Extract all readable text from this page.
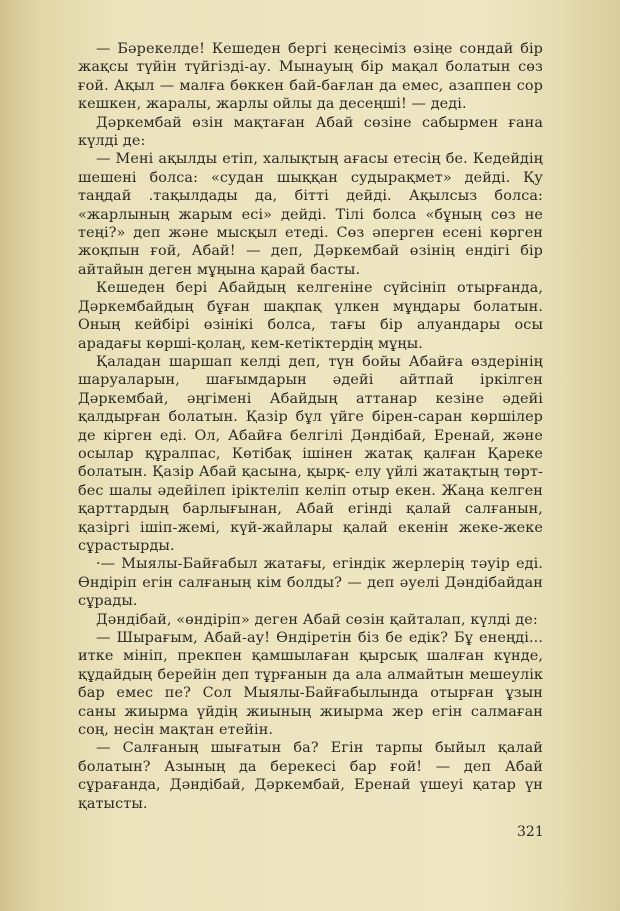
— Бәрекелде! Кешеден бергі кеңесіміз өзіңе сондай бір жақсы түйін түйгізді-ау. Мынауың бір мақал болатын сөз ғой. Ақыл — малға бөккен бай-бағлан да емес, азаппен сор кешкен, жаралы, жарлы ойлы да десеңші! — деді.

Дәркембай өзін мақтаған Абай сөзіне сабырмен ғана күлді де:

— Мені ақылды етіп, халықтың ағасы етесің бе. Кедейдің шешені болса: «судан шыққан судырақмет» дейді. Қу таңдай .тақылдады да, бітті дейді. Ақылсыз болса: «жарлының жарым есі» дейді. Тілі болса «бұның сөз не теңі?» деп және мысқыл етеді. Сөз әперген есені көрген жоқпын ғой, Абай! — деп, Дәркембай өзінің ендігі бір айтайын деген мұңына қарай басты.

Кешеден бері Абайдың келгеніне сүйсініп отырғанда, Дәркембайдың бұған шақпақ үлкен мұңдары болатын. Оның кейбірі өзінікі болса, тағы бір алуандары осы арадағы көрші-қолаң, кем-кетіктердің мұңы.

Қаладан шаршап келді деп, түн бойы Абайға өздерінің шаруаларын, шағымдарын әдейі айтпай іркілген Дәркембай, әңгімені Абайдың аттанар кезіне әдейі қалдырған болатын. Қазір бұл үйге бірен-саран көршілер де кірген еді. Ол, Абайға белгілі Дәндібай, Еренай, және осылар құралпас, Көтібақ ішінен жатақ қалған Қареке болатын. Қазір Абай қасына, қырқ- елу үйлі жатақтың төрт-бес шалы әдейілеп іріктеліп келіп отыр екен. Жаңа келген қарттардың барлығынан, Абай егінді қалай салғанын, қазіргі ішіп-жемі, күй-жайлары қалай екенін жеке-жеке сұрастырды.

·— Мыялы-Байғабыл жатағы, егіндік жерлерің тәуір еді. Өндіріп егін салғаның кім болды? — деп әуелі Дәндібайдан сұрады.

Дәндібай, «өндіріп» деген Абай сөзін қайталап, күлді де:

— Шырағым, Абай-ау! Өндіретін біз бе едік? Бұ енеңді... иткe мініп, прекпен қамшылаған қырсық шалған күнде, құдайдың берейін деп тұрғанын да ала алмайтын мешеулік бар емес пе? Сол Мыялы-Байғабылында отырған ұзын саны жиырма үйдің жиының жиырма жер егін салмаған соң, несін мақтан етейін.

— Салғаның шығатын ба? Егін тарпы быйыл қалай болатын? Азының да берекесі бар ғой! — деп Абай сұрағанда, Дәндібай, Дәркембай, Еренай үшеуі қатар үн қатысты.

321
